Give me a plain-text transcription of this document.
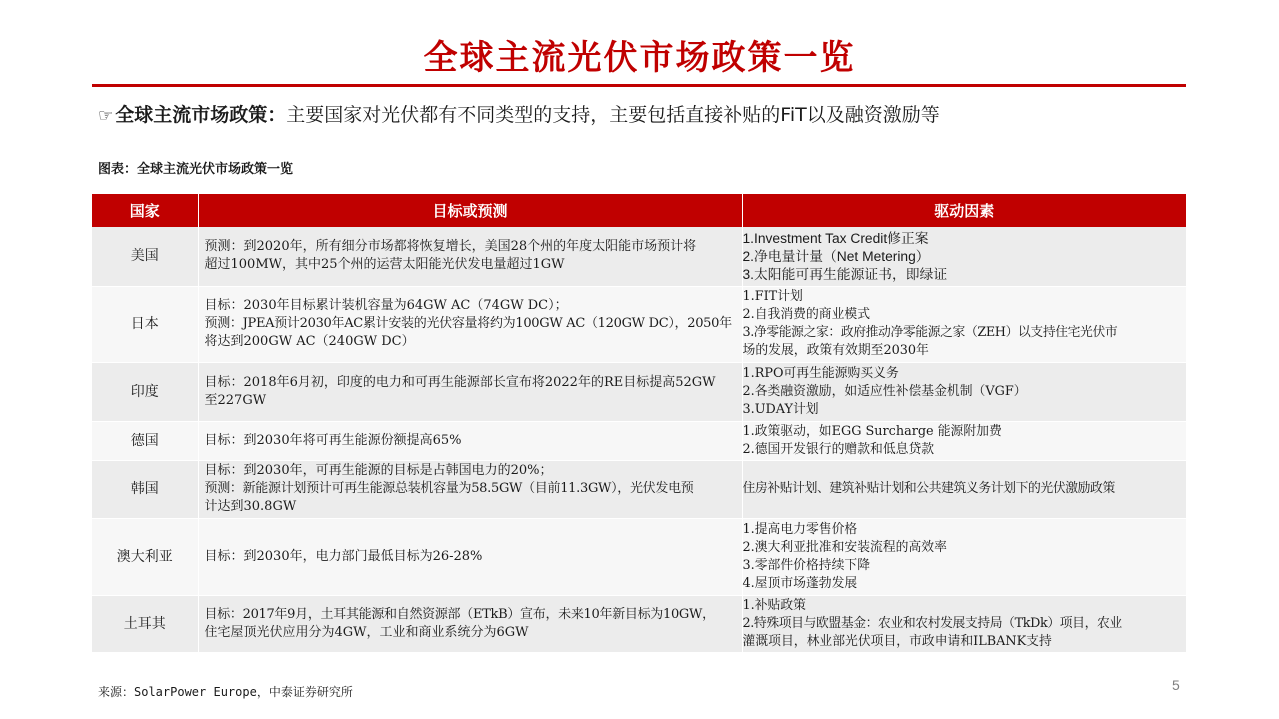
全球主流光伏市场政策一览
☞ 全球主流市场政策：主要国家对光伏都有不同类型的支持，主要包括直接补贴的FiT以及融资激励等
图表：全球主流光伏市场政策一览
国家	目标或预测	驱动因素
美国	预测：到2020年，所有细分市场都将恢复增长，美国28个州的年度太阳能市场预计将
超过100MW，其中25个州的运营太阳能光伏发电量超过1GW	1.Investment Tax Credit修正案
2.净电量计量（Net Metering）
3.太阳能可再生能源证书，即绿证

日本	目标：2030年目标累计装机容量为64GW AC（74GW DC）；
预测：JPEA预计2030年AC累计安装的光伏容量将约为100GW AC（120GW DC），2050年
将达到200GW AC（240GW DC）	1.FIT计划
2.自我消费的商业模式
3.净零能源之家：政府推动净零能源之家（ZEH）以支持住宅光伏市
场的发展，政策有效期至2030年

印度	目标：2018年6月初，印度的电力和可再生能源部长宣布将2022年的RE目标提高52GW
至227GW	1.RPO可再生能源购买义务
2.各类融资激励，如适应性补偿基金机制（VGF）
3.UDAY计划

德国	目标：到2030年将可再生能源份额提高65%	1.政策驱动，如EGG Surcharge 能源附加费
2.德国开发银行的赠款和低息贷款

韩国	目标：到2030年，可再生能源的目标是占韩国电力的20%；
预测：新能源计划预计可再生能源总装机容量为58.5GW（目前11.3GW），光伏发电预
计达到30.8GW	住房补贴计划、建筑补贴计划和公共建筑义务计划下的光伏激励政策

澳大利亚	目标：到2030年，电力部门最低目标为26-28%	1.提高电力零售价格
2.澳大利亚批准和安装流程的高效率
3.零部件价格持续下降
4.屋顶市场蓬勃发展

土耳其	目标：2017年9月，土耳其能源和自然资源部（ETkB）宣布，未来10年新目标为10GW，
住宅屋顶光伏应用分为4GW，工业和商业系统分为6GW	1.补贴政策
2.特殊项目与欧盟基金：农业和农村发展支持局（TkDk）项目，农业
灌溉项目，林业部光伏项目，市政申请和ILBANK支持
来源：SolarPower Europe，中泰证券研究所	5
